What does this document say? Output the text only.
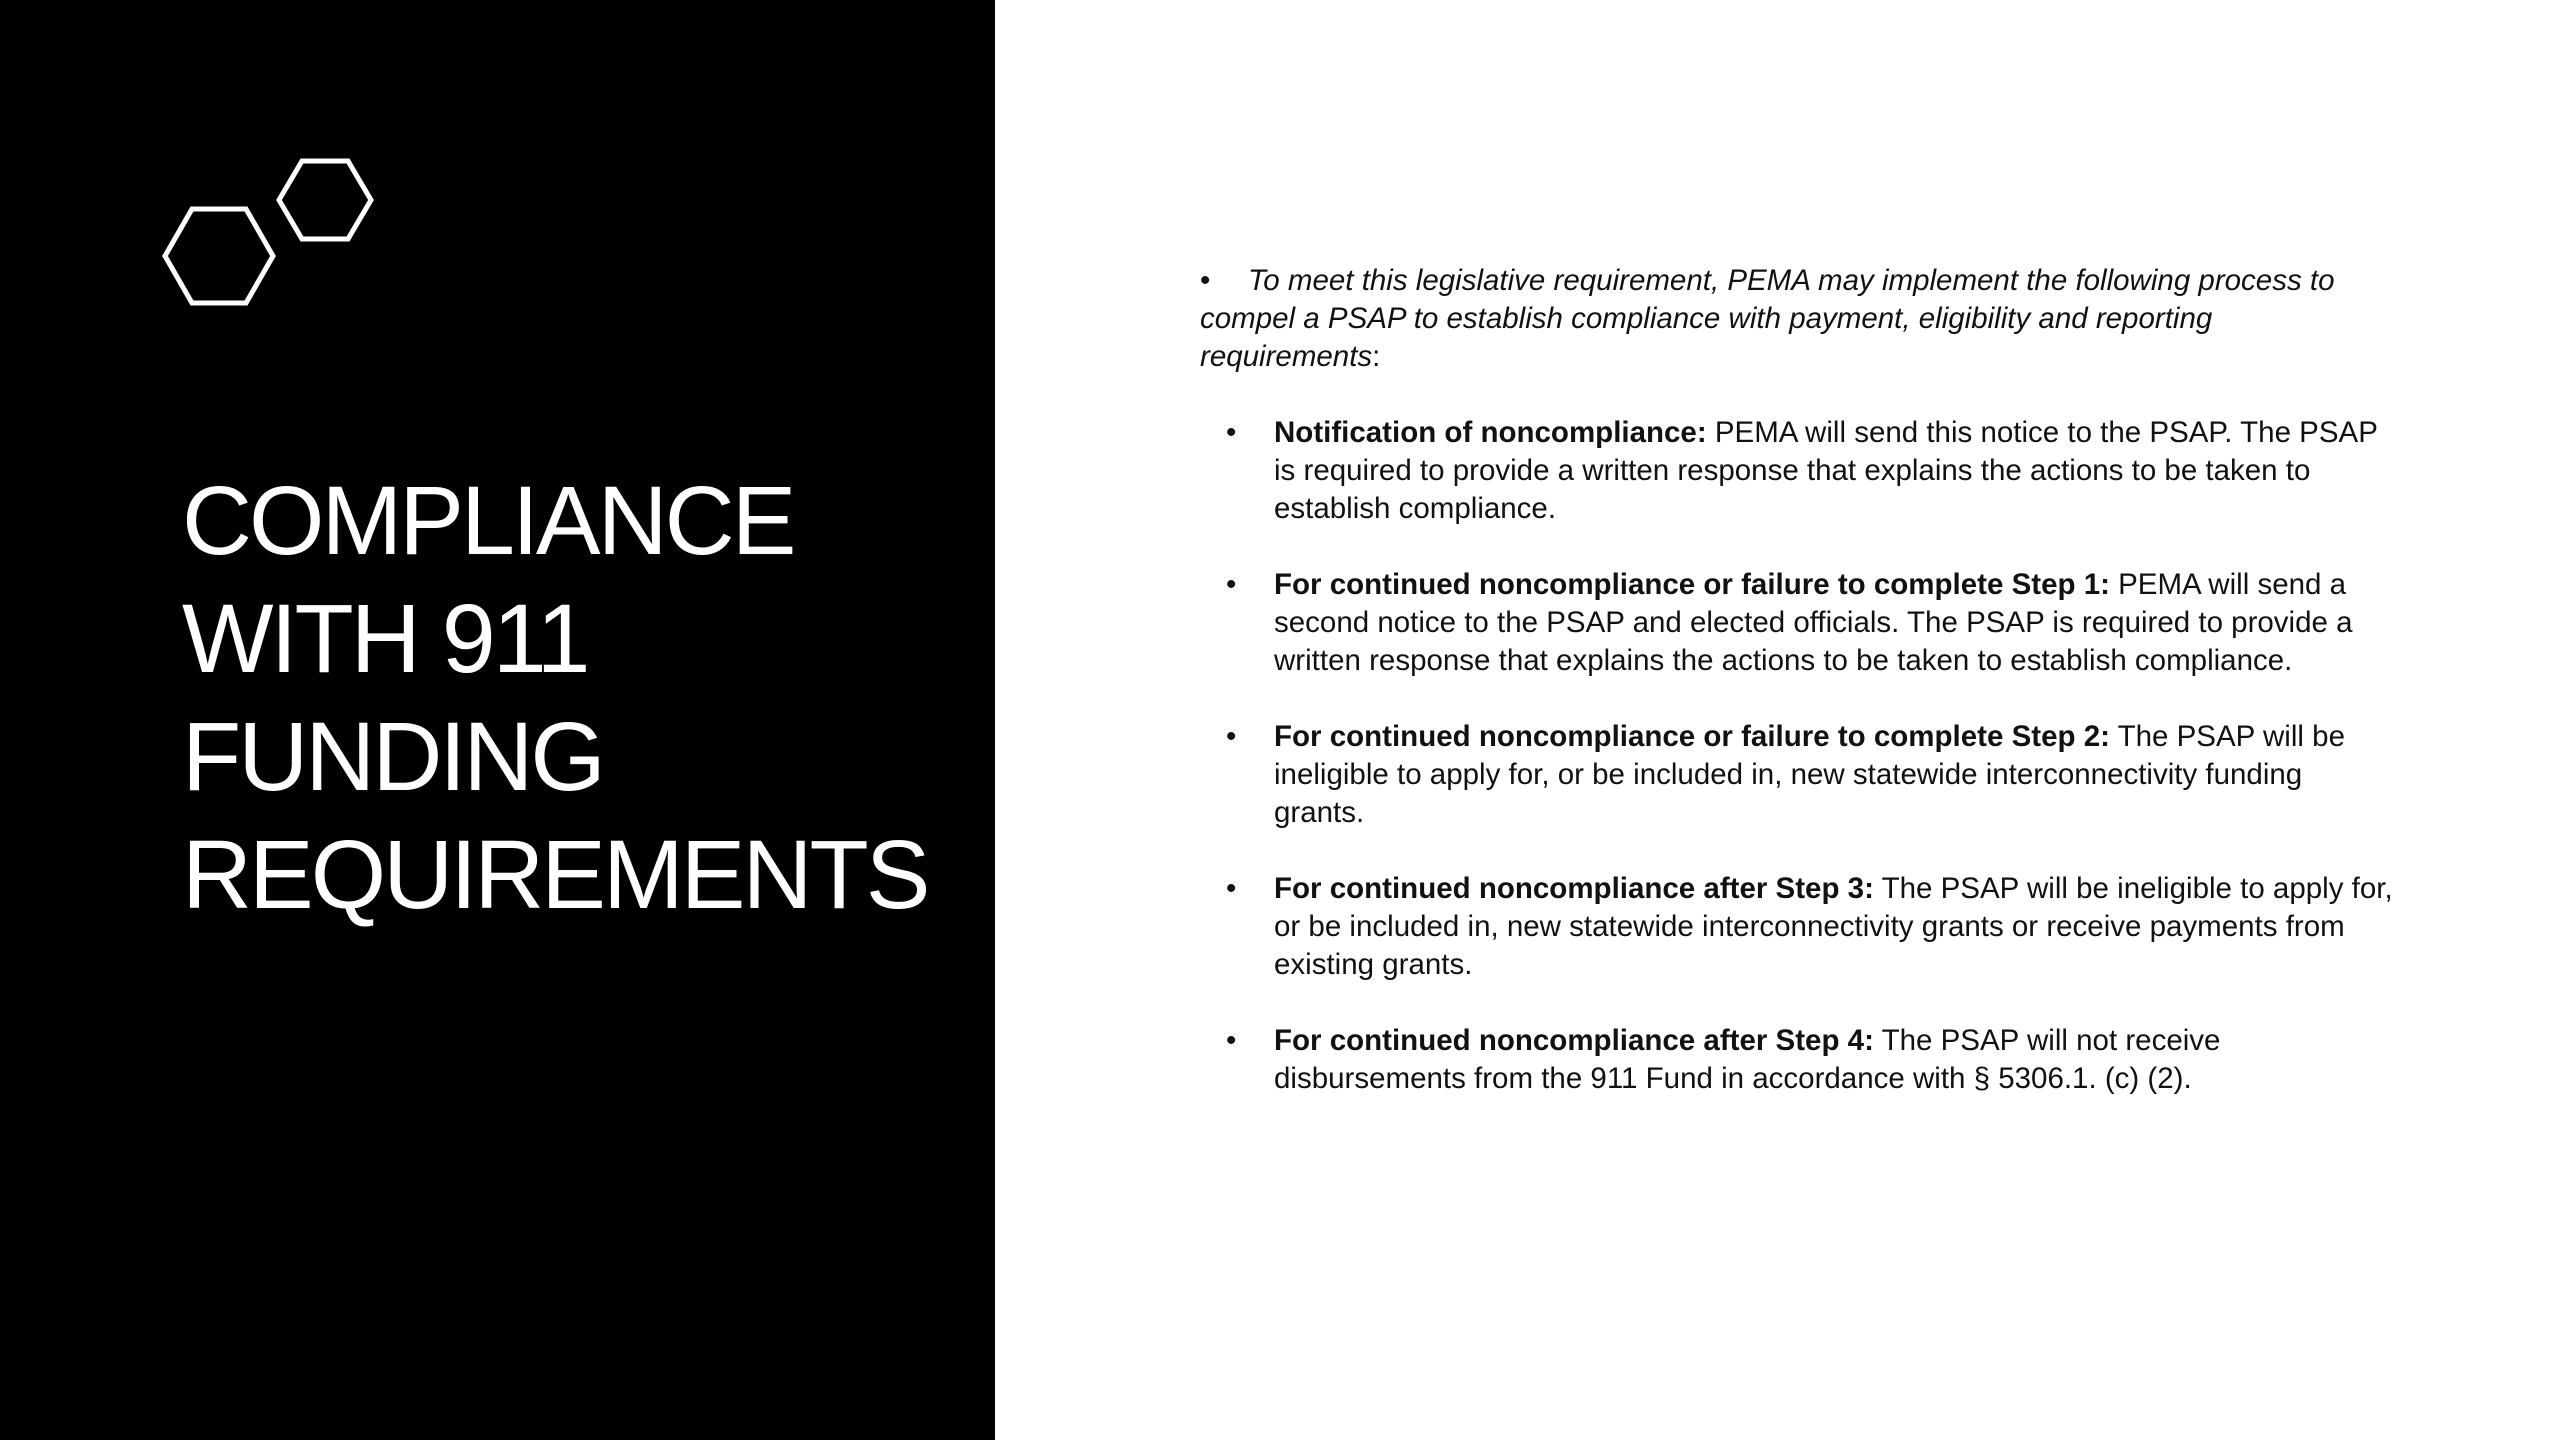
COMPLIANCE
WITH 911
FUNDING
REQUIREMENTS

• To meet this legislative requirement, PEMA may implement the following process to compel a PSAP to establish compliance with payment, eligibility and reporting requirements:

• Notification of noncompliance: PEMA will send this notice to the PSAP. The PSAP is required to provide a written response that explains the actions to be taken to establish compliance.
• For continued noncompliance or failure to complete Step 1: PEMA will send a second notice to the PSAP and elected officials. The PSAP is required to provide a written response that explains the actions to be taken to establish compliance.
• For continued noncompliance or failure to complete Step 2: The PSAP will be ineligible to apply for, or be included in, new statewide interconnectivity funding grants.
• For continued noncompliance after Step 3: The PSAP will be ineligible to apply for, or be included in, new statewide interconnectivity grants or receive payments from existing grants.
• For continued noncompliance after Step 4: The PSAP will not receive disbursements from the 911 Fund in accordance with § 5306.1. (c) (2).
